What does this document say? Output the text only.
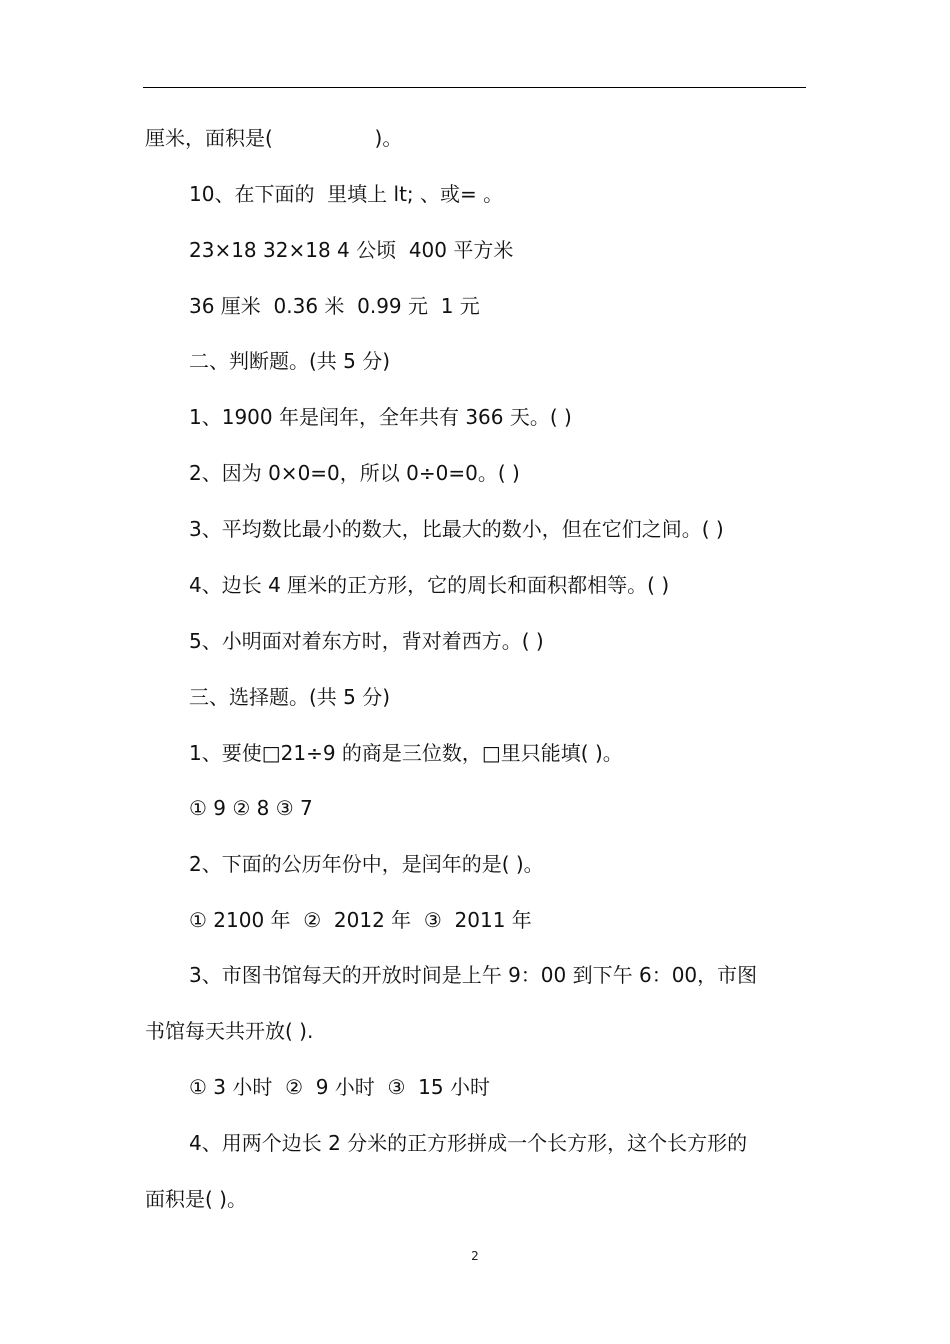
厘米，面积是(                )。
10、在下面的  里填上 lt; 、或= 。
23×18 32×18 4 公顷  400 平方米
36 厘米  0.36 米  0.99 元  1 元
二、判断题。(共 5 分)
1、1900 年是闰年，全年共有 366 天。( )
2、因为 0×0=0，所以 0÷0=0。( )
3、平均数比最小的数大，比最大的数小，但在它们之间。( )
4、边长 4 厘米的正方形，它的周长和面积都相等。( )
5、小明面对着东方时，背对着西方。( )
三、选择题。(共 5 分)
1、要使□21÷9 的商是三位数，□里只能填( )。
① 9 ② 8 ③ 7
2、下面的公历年份中，是闰年的是( )。
① 2100 年  ②  2012 年  ③  2011 年
3、市图书馆每天的开放时间是上午 9：00 到下午 6：00，市图
书馆每天共开放( ).
① 3 小时  ②  9 小时  ③  15 小时
4、用两个边长 2 分米的正方形拼成一个长方形，这个长方形的
面积是( )。
2
